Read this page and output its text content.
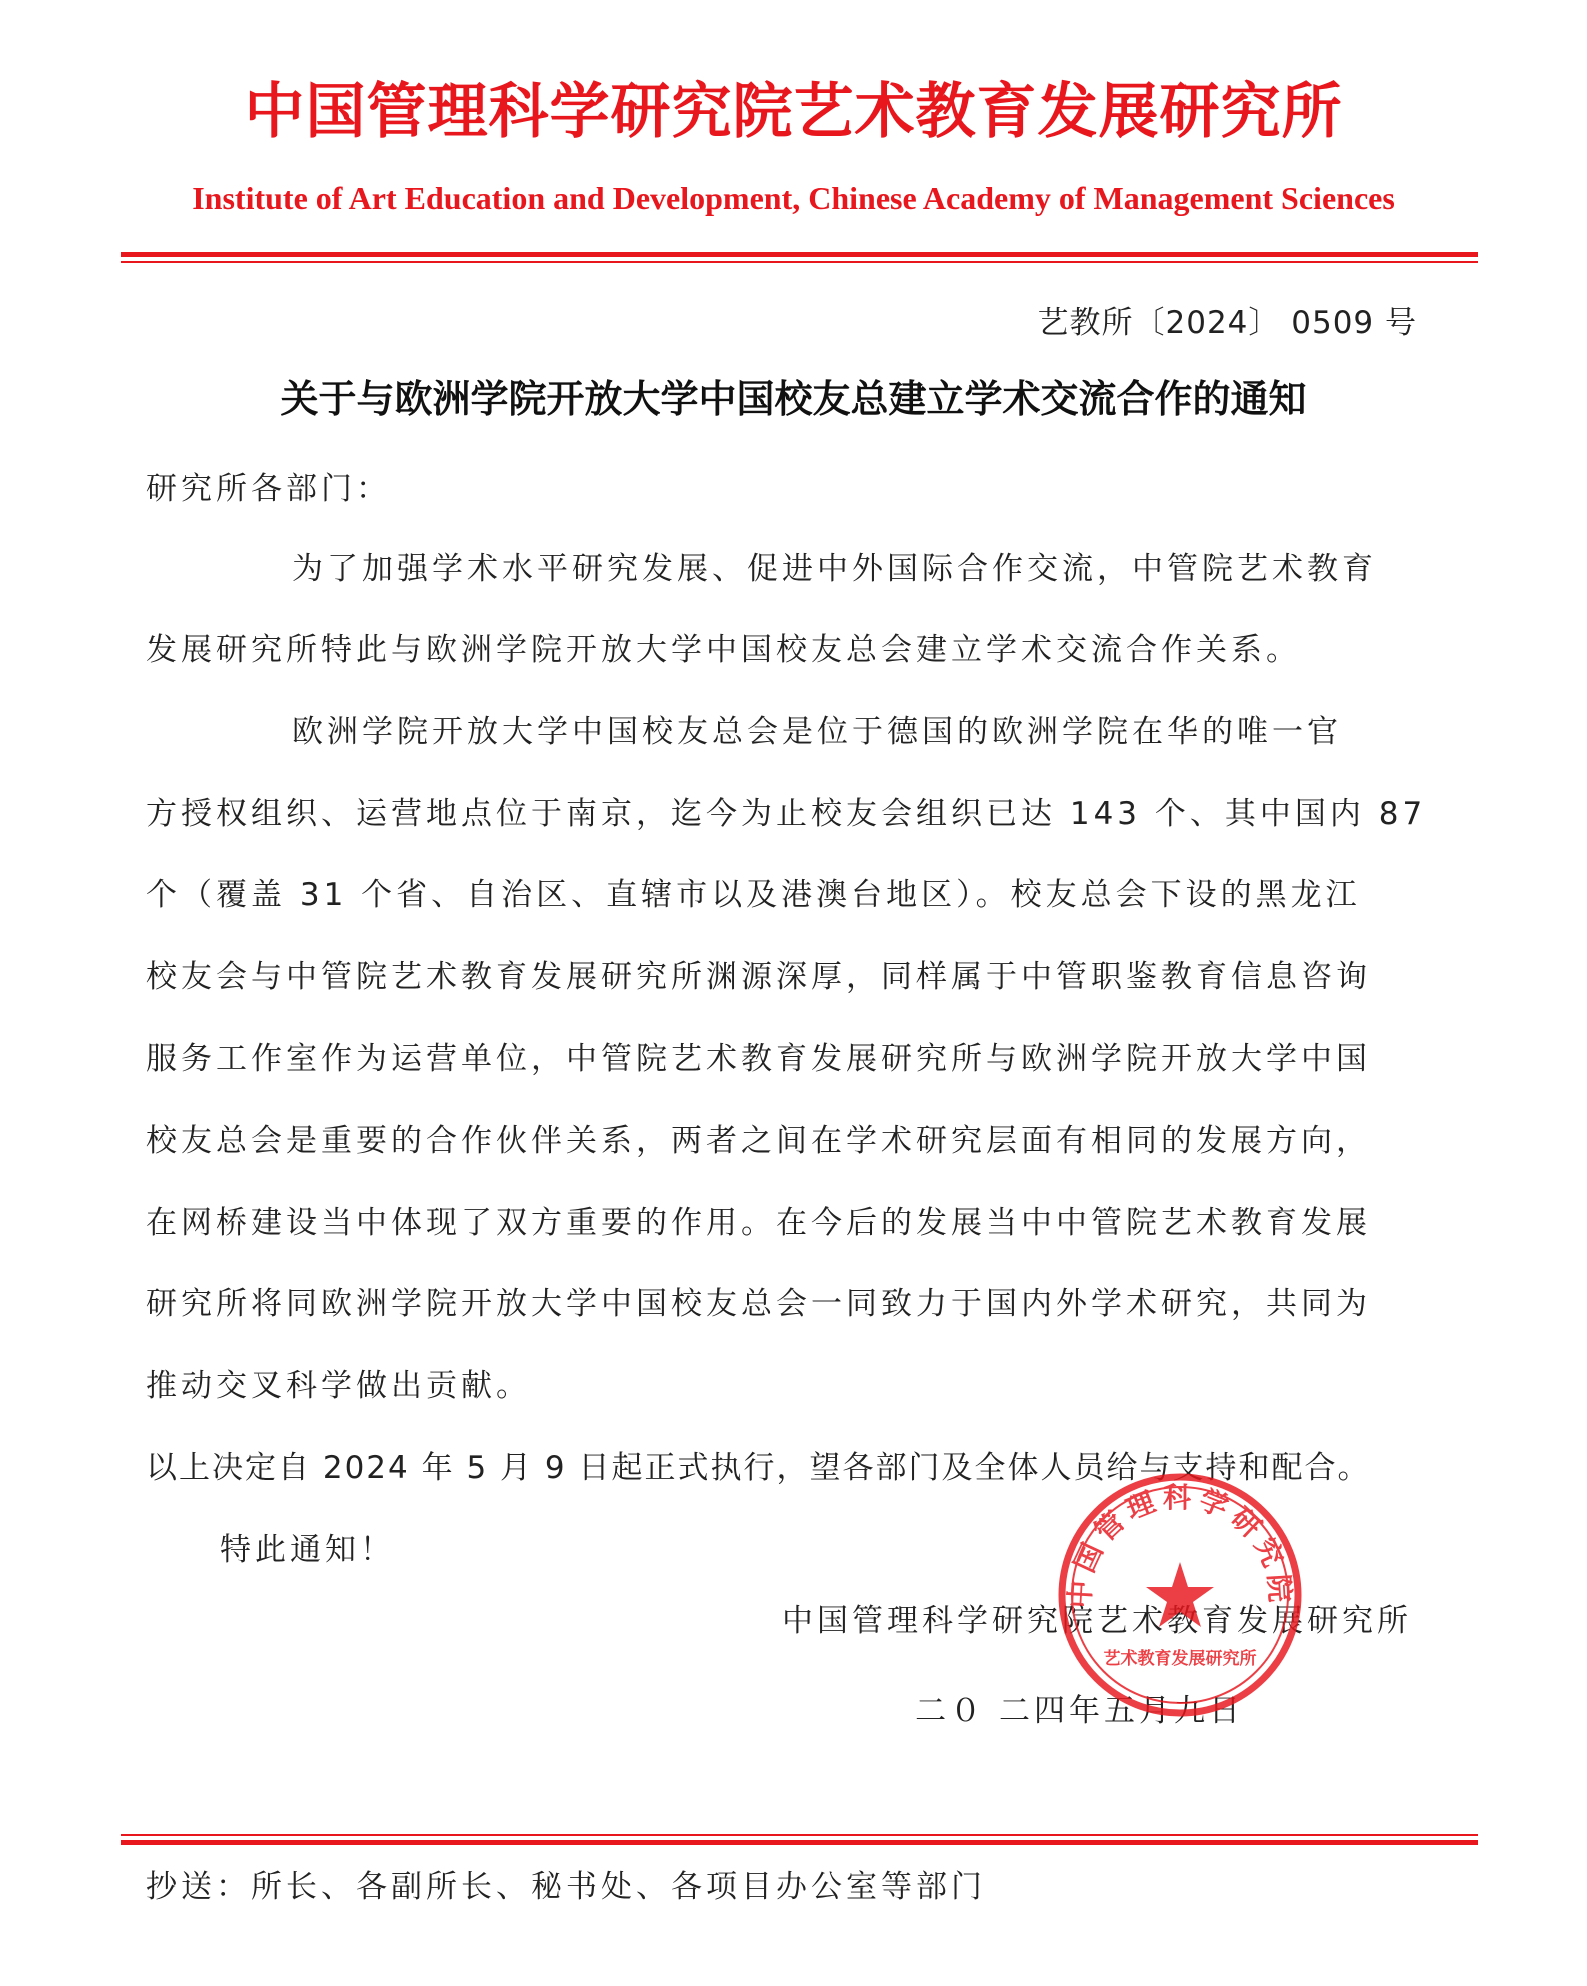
中国管理科学研究院艺术教育发展研究所
Institute of Art Education and Development, Chinese Academy of Management Sciences
艺教所〔2024〕 0509 号
关于与欧洲学院开放大学中国校友总建立学术交流合作的通知
研究所各部门：
为了加强学术水平研究发展、促进中外国际合作交流，中管院艺术教育
发展研究所特此与欧洲学院开放大学中国校友总会建立学术交流合作关系。
欧洲学院开放大学中国校友总会是位于德国的欧洲学院在华的唯一官
方授权组织、运营地点位于南京，迄今为止校友会组织已达 143 个、其中国内 87
个（覆盖 31 个省、自治区、直辖市以及港澳台地区）。校友总会下设的黑龙江
校友会与中管院艺术教育发展研究所渊源深厚，同样属于中管职鉴教育信息咨询
服务工作室作为运营单位，中管院艺术教育发展研究所与欧洲学院开放大学中国
校友总会是重要的合作伙伴关系，两者之间在学术研究层面有相同的发展方向，
在网桥建设当中体现了双方重要的作用。在今后的发展当中中管院艺术教育发展
研究所将同欧洲学院开放大学中国校友总会一同致力于国内外学术研究，共同为
推动交叉科学做出贡献。
以上决定自 2024 年 5 月 9 日起正式执行，望各部门及全体人员给与支持和配合。
特此通知！
中国管理科学研究院艺术教育发展研究所
二０ 二四年五月九日
中国管理科学研究院
艺术教育发展研究所
抄送：所长、各副所长、秘书处、各项目办公室等部门
